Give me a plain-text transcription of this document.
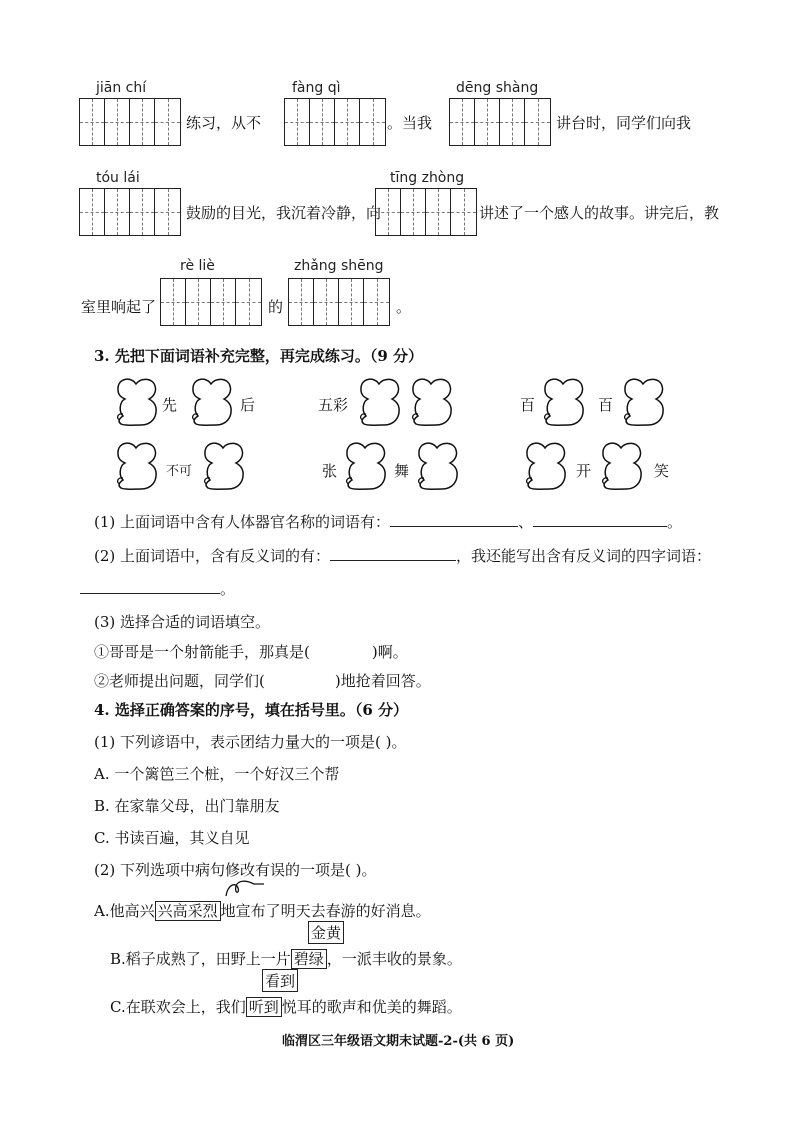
jiān chí
练习，从不
fàng qì
。当我
dēng shàng
讲台时，同学们向我
tóu lái
鼓励的目光，我沉着冷静，向
tīng zhòng
讲述了一个感人的故事。讲完后，教
室里响起了
rè liè
的
zhǎng shēng
。
3. 先把下面词语补充完整，再完成练习。（9 分）
先	后	五彩	百	百
不可	张	舞	开	笑
(1) 上面词语中含有人体器官名称的词语有：	、	。
(2) 上面词语中，含有反义词的有：	，我还能写出含有反义词的四字词语：
。
(3) 选择合适的词语填空。
①哥哥是一个射箭能手，那真是(	)啊。
②老师提出问题，同学们(	)地抢着回答。
4. 选择正确答案的序号，填在括号里。（6 分）
(1) 下列谚语中，表示团结力量大的一项是( )。
A. 一个篱笆三个桩，一个好汉三个帮
B. 在家靠父母，出门靠朋友
C. 书读百遍，其义自见
(2) 下列选项中病句修改有误的一项是( )。
A.他高兴 兴高采烈 地宣布了明天去春游的好消息。
金黄
B.稻子成熟了，田野上一片 碧绿 ，一派丰收的景象。
看到
C.在联欢会上，我们 听到 悦耳的歌声和优美的舞蹈。
临渭区三年级语文期末试题-2-(共 6 页)
